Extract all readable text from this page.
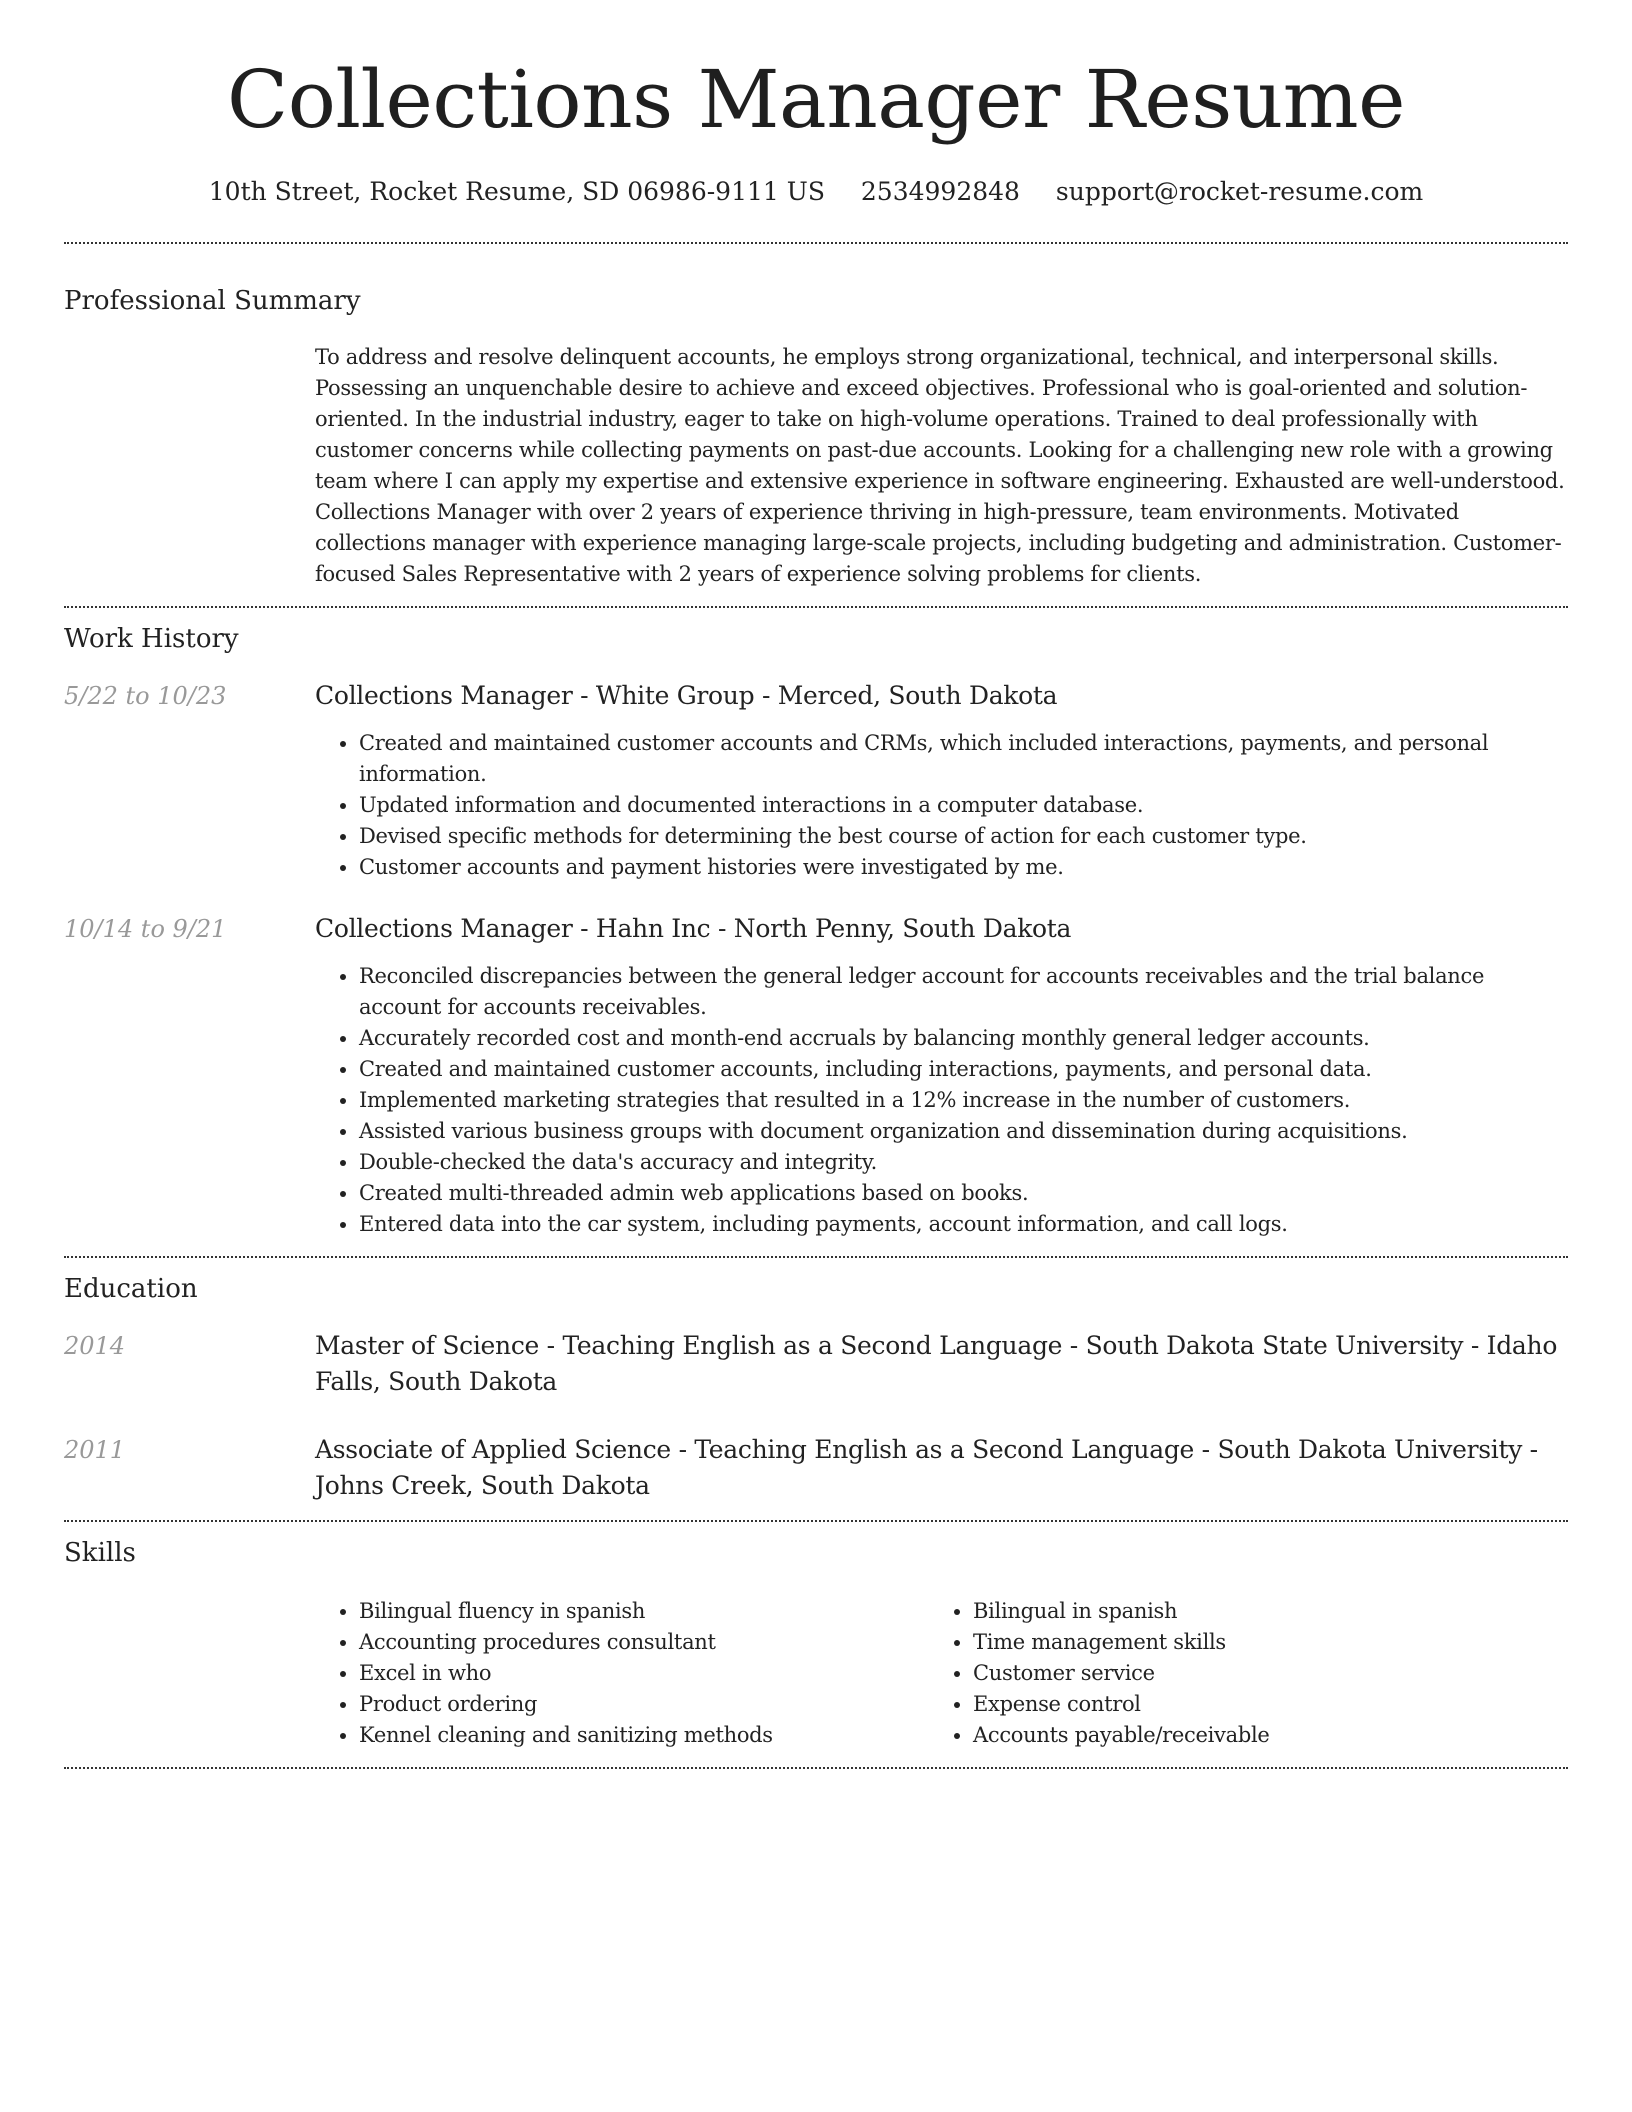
Collections Manager Resume
10th Street, Rocket Resume, SD 06986-9111 US 2534992848 support@rocket-resume.com
Professional Summary
To address and resolve delinquent accounts, he employs strong organizational, technical, and interpersonal skills. Possessing an unquenchable desire to achieve and exceed objectives. Professional who is goal-oriented and solution-oriented. In the industrial industry, eager to take on high-volume operations. Trained to deal professionally with customer concerns while collecting payments on past-due accounts. Looking for a challenging new role with a growing team where I can apply my expertise and extensive experience in software engineering. Exhausted are well-understood. Collections Manager with over 2 years of experience thriving in high-pressure, team environments. Motivated collections manager with experience managing large-scale projects, including budgeting and administration. Customer-focused Sales Representative with 2 years of experience solving problems for clients.
Work History
5/22 to 10/23	Collections Manager - White Group - Merced, South Dakota
• Created and maintained customer accounts and CRMs, which included interactions, payments, and personal information.
• Updated information and documented interactions in a computer database.
• Devised specific methods for determining the best course of action for each customer type.
• Customer accounts and payment histories were investigated by me.
10/14 to 9/21	Collections Manager - Hahn Inc - North Penny, South Dakota
• Reconciled discrepancies between the general ledger account for accounts receivables and the trial balance account for accounts receivables.
• Accurately recorded cost and month-end accruals by balancing monthly general ledger accounts.
• Created and maintained customer accounts, including interactions, payments, and personal data.
• Implemented marketing strategies that resulted in a 12% increase in the number of customers.
• Assisted various business groups with document organization and dissemination during acquisitions.
• Double-checked the data's accuracy and integrity.
• Created multi-threaded admin web applications based on books.
• Entered data into the car system, including payments, account information, and call logs.
Education
2014	Master of Science - Teaching English as a Second Language - South Dakota State University - Idaho Falls, South Dakota
2011	Associate of Applied Science - Teaching English as a Second Language - South Dakota University - Johns Creek, South Dakota
Skills
• Bilingual fluency in spanish
• Accounting procedures consultant
• Excel in who
• Product ordering
• Kennel cleaning and sanitizing methods
• Bilingual in spanish
• Time management skills
• Customer service
• Expense control
• Accounts payable/receivable
